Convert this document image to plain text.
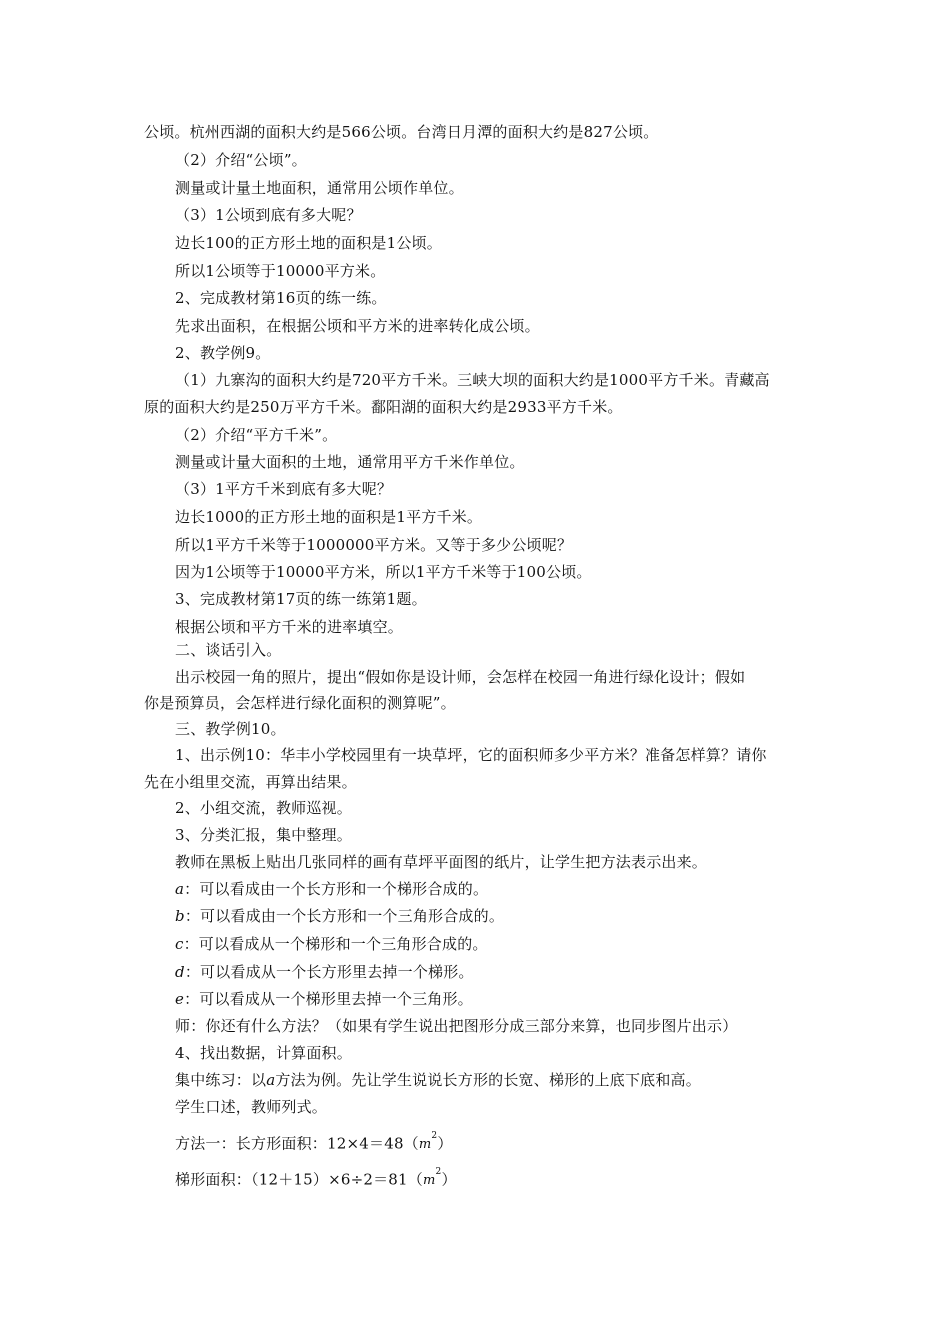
公顷。杭州西湖的面积大约是566公顷。台湾日月潭的面积大约是827公顷。
（2）介绍“公顷”。
测量或计量土地面积，通常用公顷作单位。
（3）1公顷到底有多大呢？
边长100的正方形土地的面积是1公顷。
所以1公顷等于10000平方米。
2、完成教材第16页的练一练。
先求出面积，在根据公顷和平方米的进率转化成公顷。
2、教学例9。
（1）九寨沟的面积大约是720平方千米。三峡大坝的面积大约是1000平方千米。青藏高
原的面积大约是250万平方千米。鄱阳湖的面积大约是2933平方千米。
（2）介绍“平方千米”。
测量或计量大面积的土地，通常用平方千米作单位。
（3）1平方千米到底有多大呢？
边长1000的正方形土地的面积是1平方千米。
所以1平方千米等于1000000平方米。又等于多少公顷呢？
因为1公顷等于10000平方米，所以1平方千米等于100公顷。
3、完成教材第17页的练一练第1题。
根据公顷和平方千米的进率填空。
二、谈话引入。
出示校园一角的照片，提出“假如你是设计师，会怎样在校园一角进行绿化设计；假如
你是预算员，会怎样进行绿化面积的测算呢”。
三、教学例10。
1、出示例10：华丰小学校园里有一块草坪，它的面积师多少平方米？准备怎样算？请你
先在小组里交流，再算出结果。
2、小组交流，教师巡视。
3、分类汇报，集中整理。
教师在黑板上贴出几张同样的画有草坪平面图的纸片，让学生把方法表示出来。
a：可以看成由一个长方形和一个梯形合成的。
b：可以看成由一个长方形和一个三角形合成的。
c：可以看成从一个梯形和一个三角形合成的。
d：可以看成从一个长方形里去掉一个梯形。
e：可以看成从一个梯形里去掉一个三角形。
师：你还有什么方法？（如果有学生说出把图形分成三部分来算，也同步图片出示）
4、找出数据，计算面积。
集中练习：以a方法为例。先让学生说说长方形的长宽、梯形的上底下底和高。
学生口述，教师列式。
方法一：长方形面积：$12\times 4=48(m^2)$
梯形面积：$(12+15)\times 6\div 2=81(m^2)$
